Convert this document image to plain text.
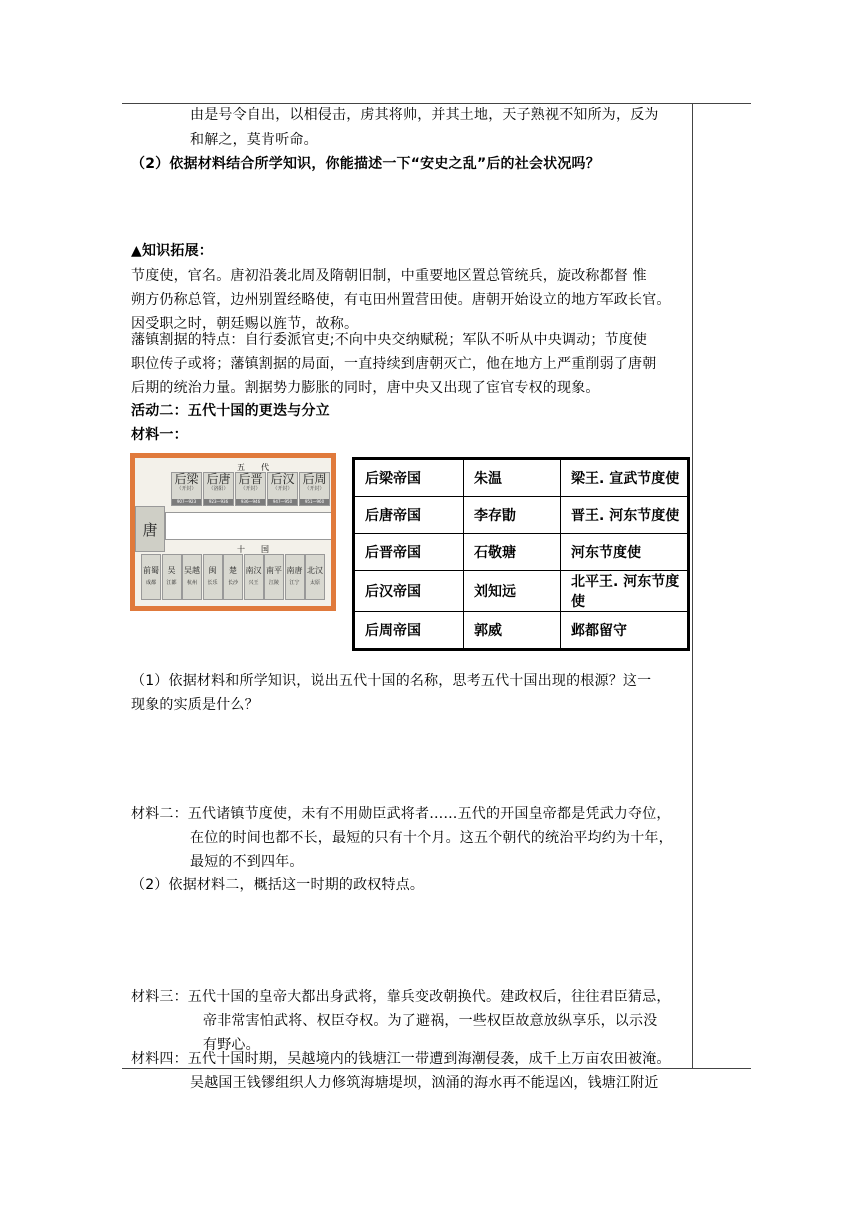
由是号令自出，以相侵击，虏其将帅，并其土地，天子熟视不知所为，反为
和解之，莫肯听命。
（2）依据材料结合所学知识，你能描述一下“安史之乱”后的社会状况吗？
▲知识拓展：
节度使，官名。唐初沿袭北周及隋朝旧制，中重要地区置总管统兵，旋改称都督 惟
朔方仍称总管，边州别置经略使，有屯田州置营田使。唐朝开始设立的地方军政长官。
因受职之时，朝廷赐以旌节，故称。
藩镇割据的特点：自行委派官吏;不向中央交纳赋税；军队不听从中央调动；节度使
职位传子或将；藩镇割据的局面，一直持续到唐朝灭亡，他在地方上严重削弱了唐朝
后期的统治力量。割据势力膨胀的同时，唐中央又出现了宦官专权的现象。
活动二：五代十国的更迭与分立
材料一：
五　　代
后梁
（开封）
907—923
后唐
（洛阳）
923—936
后晋
（开封）
936—946
后汉
（开封）
947—950
后周
（开封）
951—960
唐
十　　国
前蜀
成都
吴
江都
吴越
杭州
闽
长乐
楚
长沙
南汉
兴王
南平
江陵
南唐
江宁
北汉
太原
后梁帝国	朱温	梁王. 宣武节度使
后唐帝国	李存勖	晋王. 河东节度使
后晋帝国	石敬瑭	河东节度使
后汉帝国	刘知远	北平王. 河东节度使
后周帝国	郭威	邺都留守
（1）依据材料和所学知识，说出五代十国的名称，思考五代十国出现的根源？这一
现象的实质是什么？
材料二：五代诸镇节度使，未有不用勋臣武将者……五代的开国皇帝都是凭武力夺位，
在位的时间也都不长，最短的只有十个月。这五个朝代的统治平均约为十年，
最短的不到四年。
（2）依据材料二，概括这一时期的政权特点。
材料三：五代十国的皇帝大都出身武将，靠兵变改朝换代。建政权后，往往君臣猜忌，
帝非常害怕武将、权臣夺权。为了避祸，一些权臣故意放纵享乐，以示没
有野心。
材料四：五代十国时期，吴越境内的钱塘江一带遭到海潮侵袭，成千上万亩农田被淹。
吴越国王钱镠组织人力修筑海塘堤坝，汹涌的海水再不能逞凶，钱塘江附近
